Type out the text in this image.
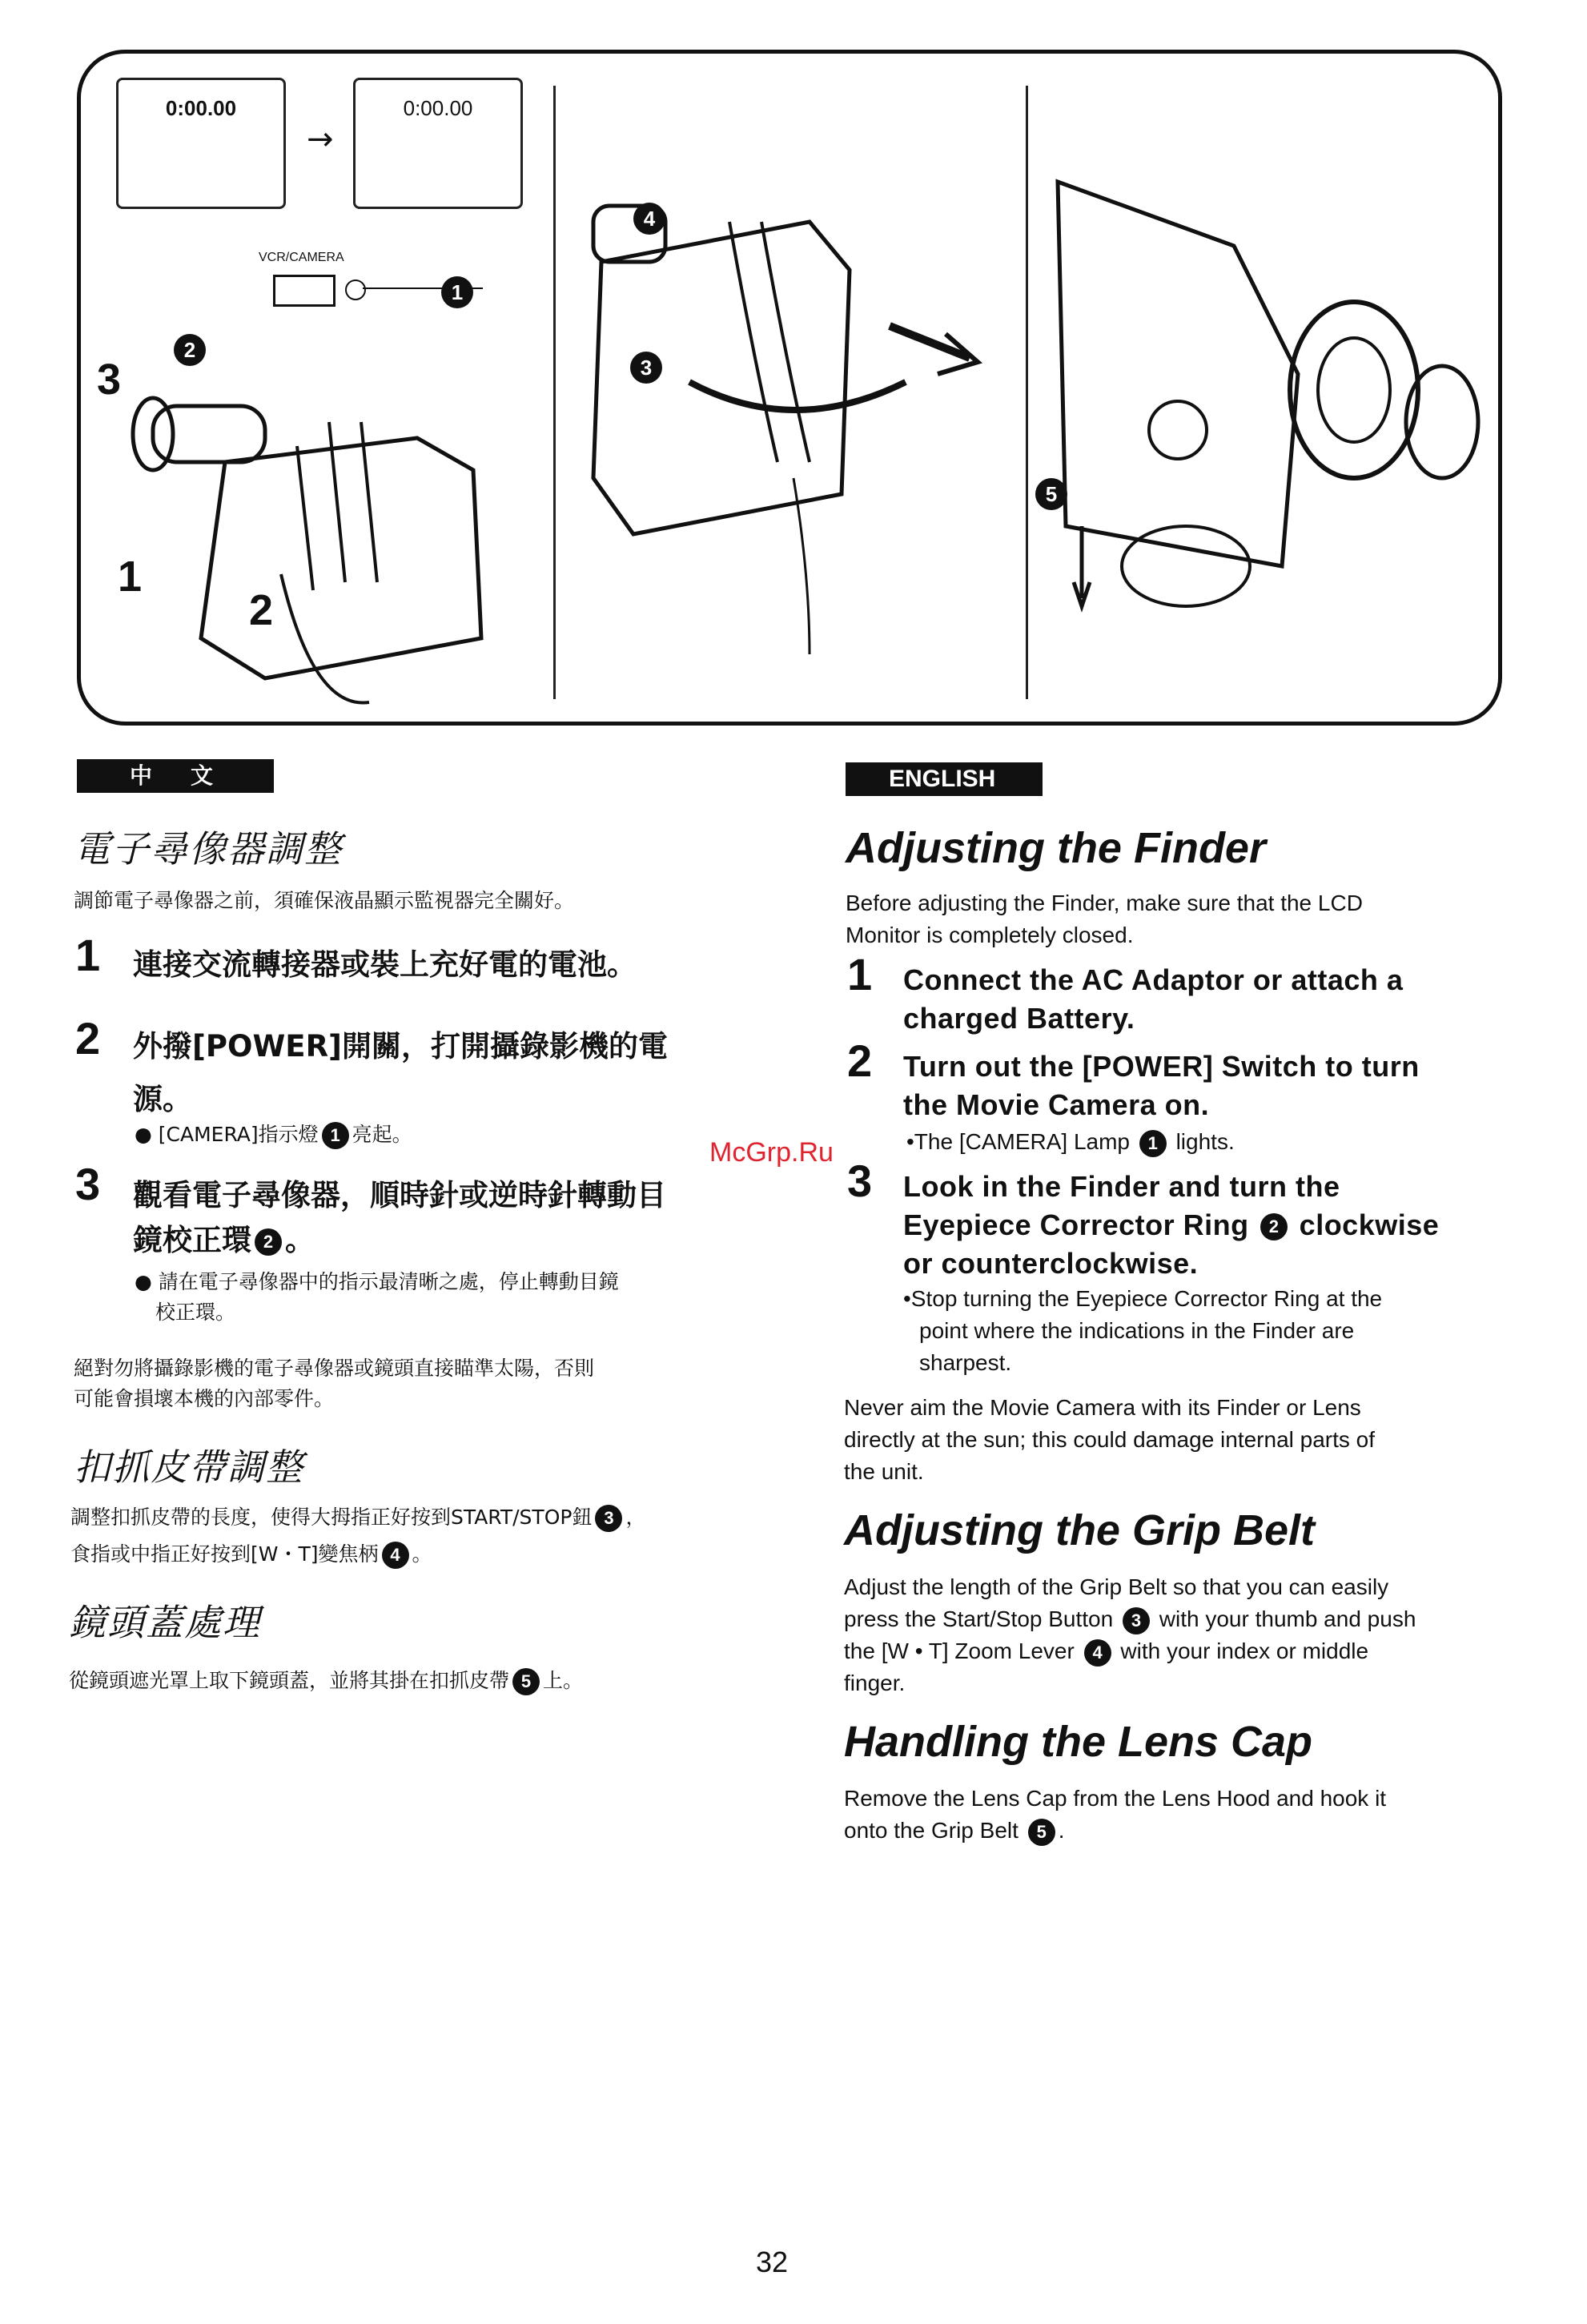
0:00.00
→
0:00.00
VCR/CAMERA
1
2
3
1
2
4
3
5
中　文	ENGLISH
電子尋像器調整
調節電子尋像器之前，須確保液晶顯示監視器完全關好。
1 連接交流轉接器或裝上充好電的電池。
2 外撥[POWER]開關，打開攝錄影機的電
源。
● [CAMERA]指示燈 1 亮起。
3 觀看電子尋像器，順時針或逆時針轉動目
鏡校正環 2 。
● 請在電子尋像器中的指示最清晰之處，停止轉動目鏡
校正環。
絕對勿將攝錄影機的電子尋像器或鏡頭直接瞄準太陽，否則
可能會損壞本機的內部零件。
扣抓皮帶調整
調整扣抓皮帶的長度，使得大拇指正好按到START/STOP鈕 3 ，
食指或中指正好按到[W・T]變焦柄 4 。
鏡頭蓋處理
從鏡頭遮光罩上取下鏡頭蓋，並將其掛在扣抓皮帶 5 上。
Adjusting the Finder
Before adjusting the Finder, make sure that the LCD
Monitor is completely closed.
1 Connect the AC Adaptor or attach a
charged Battery.
2 Turn out the [POWER] Switch to turn
the Movie Camera on.
•The [CAMERA] Lamp 1 lights.
3 Look in the Finder and turn the
Eyepiece Corrector Ring 2 clockwise
or counterclockwise.
•Stop turning the Eyepiece Corrector Ring at the
point where the indications in the Finder are
sharpest.
Never aim the Movie Camera with its Finder or Lens
directly at the sun; this could damage internal parts of
the unit.
Adjusting the Grip Belt
Adjust the length of the Grip Belt so that you can easily
press the Start/Stop Button 3 with your thumb and push
the [W • T] Zoom Lever 4 with your index or middle
finger.
Handling the Lens Cap
Remove the Lens Cap from the Lens Hood and hook it
onto the Grip Belt 5 .
McGrp.Ru
32
